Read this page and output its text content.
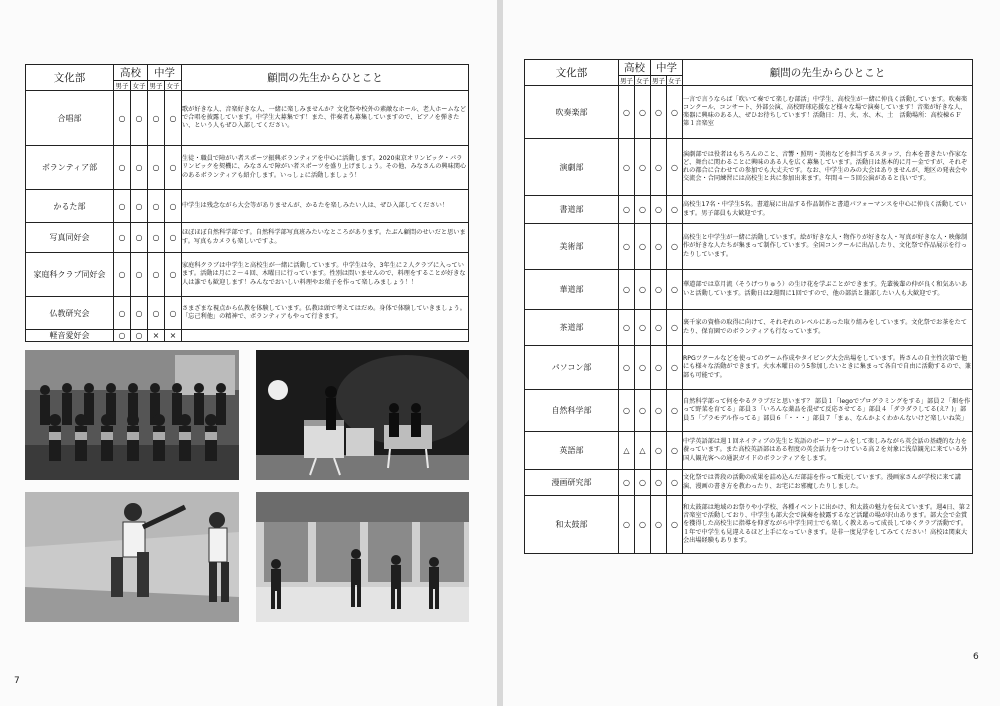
文化部	高校		中学		顧問の先生からひとこと
	男子	女子	男子	女子	
合唱部	○	○	○	○	歌が好きな人、音楽好きな人、一緒に楽しみませんか？文化祭や校外の素敵なホール、老人ホームなどで合唱を披露しています。中学生大募集です！また、伴奏者も募集していますので、ピアノを弾きたい、という人もぜひ入部してください。
ボランティア部	○	○	○	○	生徒・職員で障がい者スポーツ振興ボランティアを中心に活動します。2020東京オリンピック・パラリンピックを契機に、みなさんで障がい者スポーツを盛り上げましょう。その他、みなさんの興味関心のあるボランティアも紹介します。いっしょに活動しましょう！
かるた部	○	○	○	○	中学生は残念ながら大会等がありませんが、かるたを楽しみたい人は、ぜひ入部してください！
写真同好会	○	○	○	○	ほぼほぼ自然科学部です。自然科学部写真班みたいなところがあります。たぶん顧問のせいだと思います。写真もカメラも楽しいですよ。
家庭科クラブ同好会	○	○	○	○	家庭科クラブは中学生と高校生が一緒に活動しています。中学生は今、3年生に２人クラブに入っています。活動は月に２〜４回、木曜日に行っています。性別は問いませんので、料理をすることが好きな人は誰でも歓迎します！みんなでおいしい料理やお菓子を作って楽しみましょう！！
仏教研究会	○	○	○	○	さまざまな視点から仏教を体験しています。仏教は頭で考えてはだめ。身体で体験していきましょう。「忘己利他」の精神で、ボランティアもやって行きます。
軽音愛好会	○	○	×	×	
7
文化部	高校		中学		顧問の先生からひとこと
	男子	女子	男子	女子	
吹奏楽部	○	○	○	○	一言で言うならば「吹いて奏でて楽しむ部活」中学生、高校生が一緒に仲良く活動しています。吹奏楽コンクール、コンサート、外部公演、高校野球応援など様々な場で演奏しています！音楽が好きな人、楽器に興味のある人、ぜひお待ちしています！活動日：月、火、水、木、土　活動場所：高校棟６Ｆ　第１音楽室
演劇部	○	○	○	○	演劇部では役者はもちろんのこと、音響・照明・美術などを担当するスタッフ、台本を書きたい作家など、舞台に関わることに興味のある人を広く募集しています。活動日は基本的に月〜金ですが、それぞれの都合に合わせての参加でも大丈夫です。なお、中学生のみの大会はありませんが、地区の発表会や交流会・合同練習には高校生と共に参加出来ます。年間４〜５回公演があると良いです。
書道部	○	○	○	○	高校生17名・中学生5名。書道展に出品する作品制作と書道パフォーマンスを中心に仲良く活動しています。男子部員も大歓迎です。
美術部	○	○	○	○	高校生と中学生が一緒に活動しています。絵が好きな人・物作りが好きな人・写真が好きな人・映像制作が好きな人たちが集まって制作しています。全国コンクールに出品したり、文化祭で作品展示を行ったりしています。
華道部	○	○	○	○	華道部では草月流（そうげつりゅう）の生け花を学ぶことができます。先輩後輩の仲が良く和気あいあいと活動しています。活動日は2週間に1回ですので、他の部活と兼部したい人も大歓迎です。
茶道部	○	○	○	○	裏千家の資格の取得に向けて、それぞれのレベルにあった取り組みをしています。文化祭でお茶をたてたり、保育園でのボランティアも行なっています。
パソコン部	○	○	○	○	RPGツクールなどを使ってのゲーム作成やタイピング大会出場をしています。皆さんの自主性次第で他にも様々な活動ができます。火水木曜日のう5参加したいときに集まって各自で自由に活動するので、兼部も可能です。
自然科学部	○	○	○	○	自然科学部って何をやるクラブだと思います？ 部員１「legoでプログラミングをする」部員２「畑を作って野菜を育てる」部員３「いろんな薬品を混ぜて反応させてる」部員４「ダラダラしてる(え？)」部員５「プラモデル作ってる」部員６「・・・」部員７「まぁ、なんかよくわかんないけど楽しいね笑」
英語部	△	△	○	○	中学英語部は週１回ネイティブの先生と英語のボードゲームをして楽しみながら英会話の基礎的な力を養っています。また高校英語部はある程度の英会話力をつけている高２を対象に浅草観光に来ている外国人観光客への通訳ガイドのボランティアをします。
漫画研究部	○	○	○	○	文化祭では普段の活動の成果を詰め込んだ部誌を作って販売しています。漫画家さんが学校に来て講演、漫画の書き方を教わったり、お宅にお邪魔したりしました。
和太鼓部	○	○	○	○	和太鼓部は地域のお祭りや小学校、各種イベントに出かけ、和太鼓の魅力を伝えています。週4日、第２音楽室で活動しており、中学生も部大会で演奏を披露するなど活躍の場が沢山あります。部大会で金賞を獲得した高校生に指導を仰ぎながら中学生同士でも楽しく教えあって成長してゆくクラブ活動です。１年で中学生も見違えるほど上手になっていきます。是非一度見学をしてみてください！高校は関東大会出場経験もあります。
6
